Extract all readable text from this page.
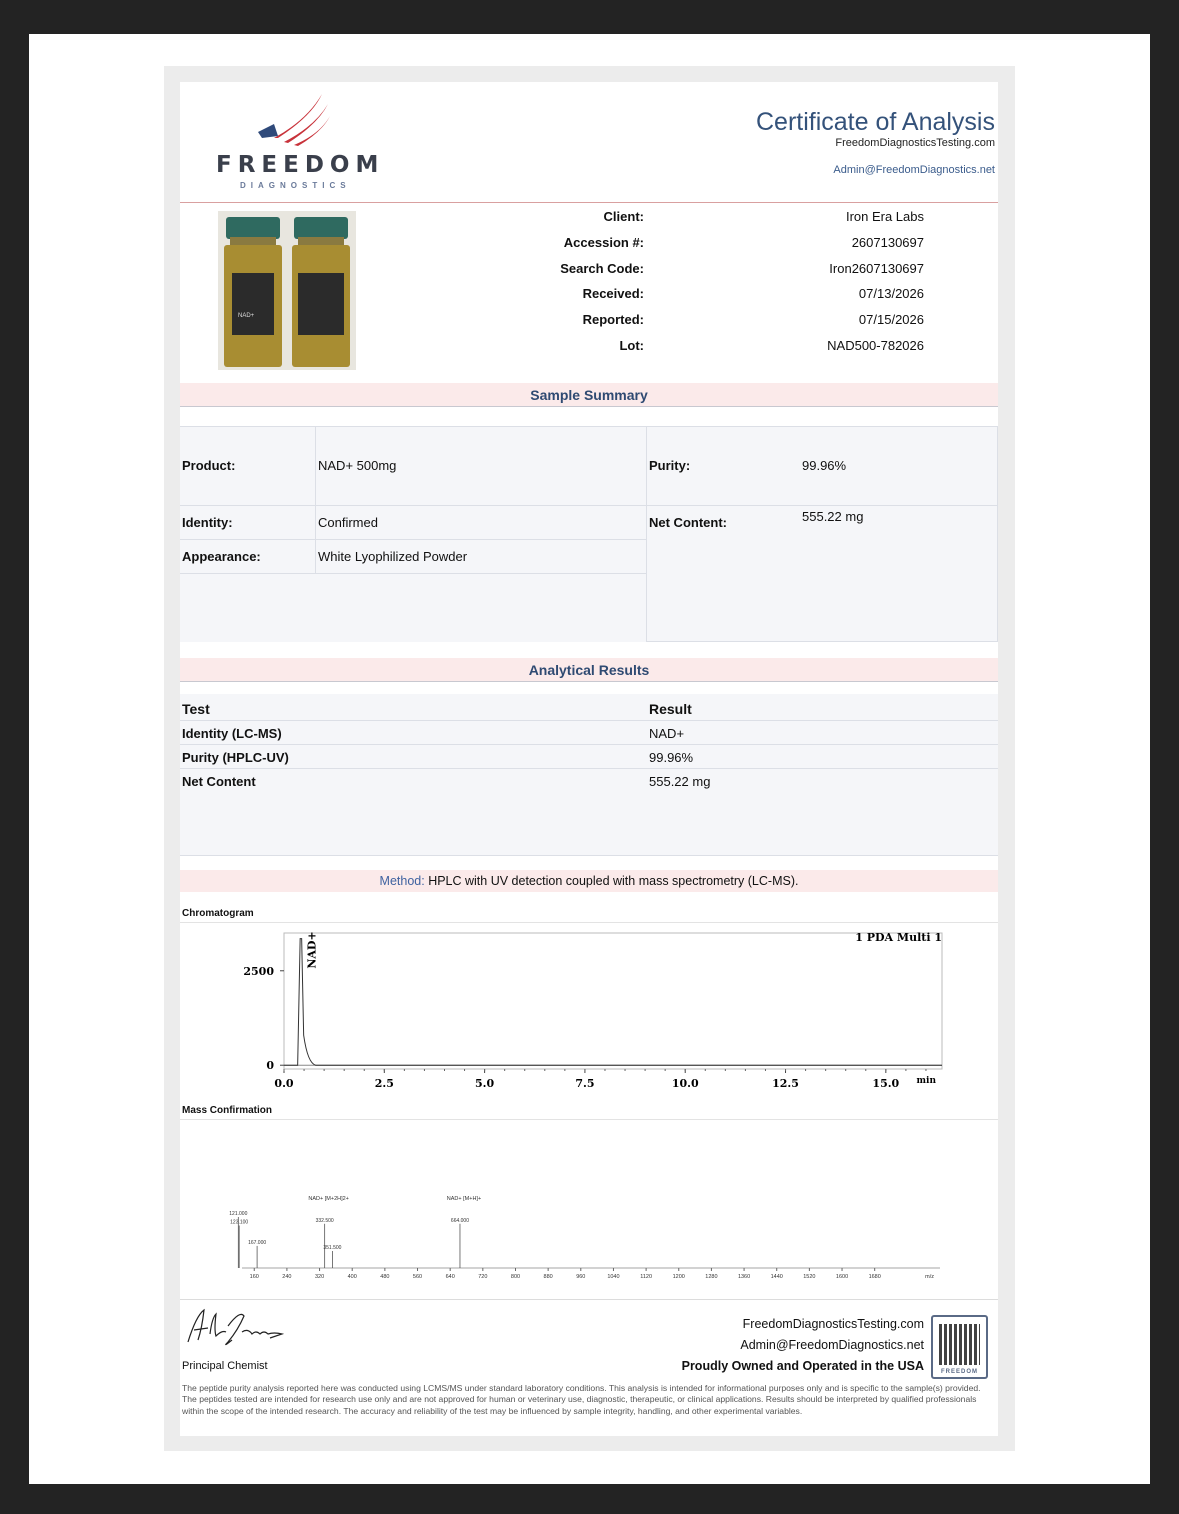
FREEDOM
DIAGNOSTICS
Certificate of Analysis
FreedomDiagnosticsTesting.com
Admin@FreedomDiagnostics.net
NAD+
Client:	Iron Era Labs
Accession #:	2607130697
Search Code:	Iron2607130697
Received:	07/13/2026
Reported:	07/15/2026
Lot:	NAD500-782026
Sample Summary
Product:	NAD+ 500mg	Purity:	99.96%
Identity:	Confirmed	Net Content:	555.22 mg
Appearance:	White Lyophilized Powder
Analytical Results
Test	Result
Identity (LC-MS)	NAD+
Purity (HPLC-UV)	99.96%
Net Content	555.22 mg
Method: HPLC with UV detection coupled with mass spectrometry (LC-MS).
Chromatogram
0.0	2.5	5.0	7.5	10.0	12.5	15.0
0
2500
min
1 PDA Multi 1
NAD+
Mass Confirmation
160	240	320	400	480	560	640	720	800	880	960	1040	1120	1200	1280	1360	1440	1520	1600	1680	m/z
121.000
123.100
167.000
332.500
351.500
664.000
NAD+ [M+2H]2+	NAD+ [M+H]+
Principal Chemist
FreedomDiagnosticsTesting.com
Admin@FreedomDiagnostics.net
Proudly Owned and Operated in the USA	FREEDOM
The peptide purity analysis reported here was conducted using LCMS/MS under standard laboratory conditions. This analysis is intended for informational purposes only and is specific to the sample(s) provided. The peptides tested are intended for research use only and are not approved for human or veterinary use, diagnostic, therapeutic, or clinical applications. Results should be interpreted by qualified professionals within the scope of the intended research. The accuracy and reliability of the test may be influenced by sample integrity, handling, and other experimental variables.
